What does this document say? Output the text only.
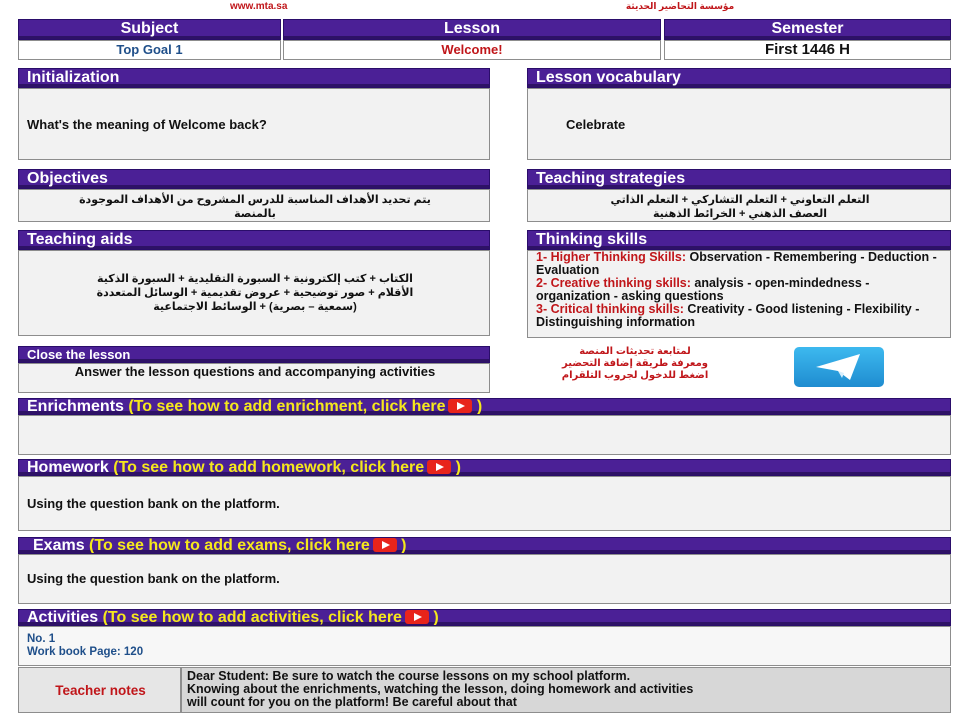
www.mta.sa	مؤسسة التحاضير الحديثة
Subject	Lesson	Semester
Top Goal 1	Welcome!	First 1446 H
Initialization
What's the meaning of Welcome back?
Lesson vocabulary
Celebrate
Objectives
يتم تحديد الأهداف المناسبة للدرس المشروح من الأهداف الموجودة
بالمنصة
Teaching strategies
التعلم التعاوني + التعلم التشاركي + التعلم الذاتي
العصف الذهني + الخرائط الذهنية
Teaching aids
الكتاب + كتب إلكترونية + السبورة التقليدية + السبورة الذكية
الأقلام + صور توضيحية + عروض تقديمية + الوسائل المتعددة
(سمعية – بصرية) + الوسائط الاجتماعية
Thinking skills
1- Higher Thinking Skills: Observation - Remembering - Deduction - Evaluation
2- Creative thinking skills: analysis - open-mindedness - organization - asking questions
3- Critical thinking skills: Creativity - Good listening - Flexibility - Distinguishing information
Close the lesson
Answer the lesson questions and accompanying activities
لمتابعة تحديثات المنصة
ومعرفة طريقة إضافة التحضير
اضغط للدخول لجروب التلقرام
Enrichments (To see how to add enrichment, click here )
Homework (To see how to add homework, click here )
Using the question bank on the platform.
Exams (To see how to add exams, click here )
Using the question bank on the platform.
Activities (To see how to add activities, click here )
No. 1
Work book Page: 120
Teacher notes
Dear Student: Be sure to watch the course lessons on my school platform.
Knowing about the enrichments, watching the lesson, doing homework and activities
will count for you on the platform! Be careful about that
